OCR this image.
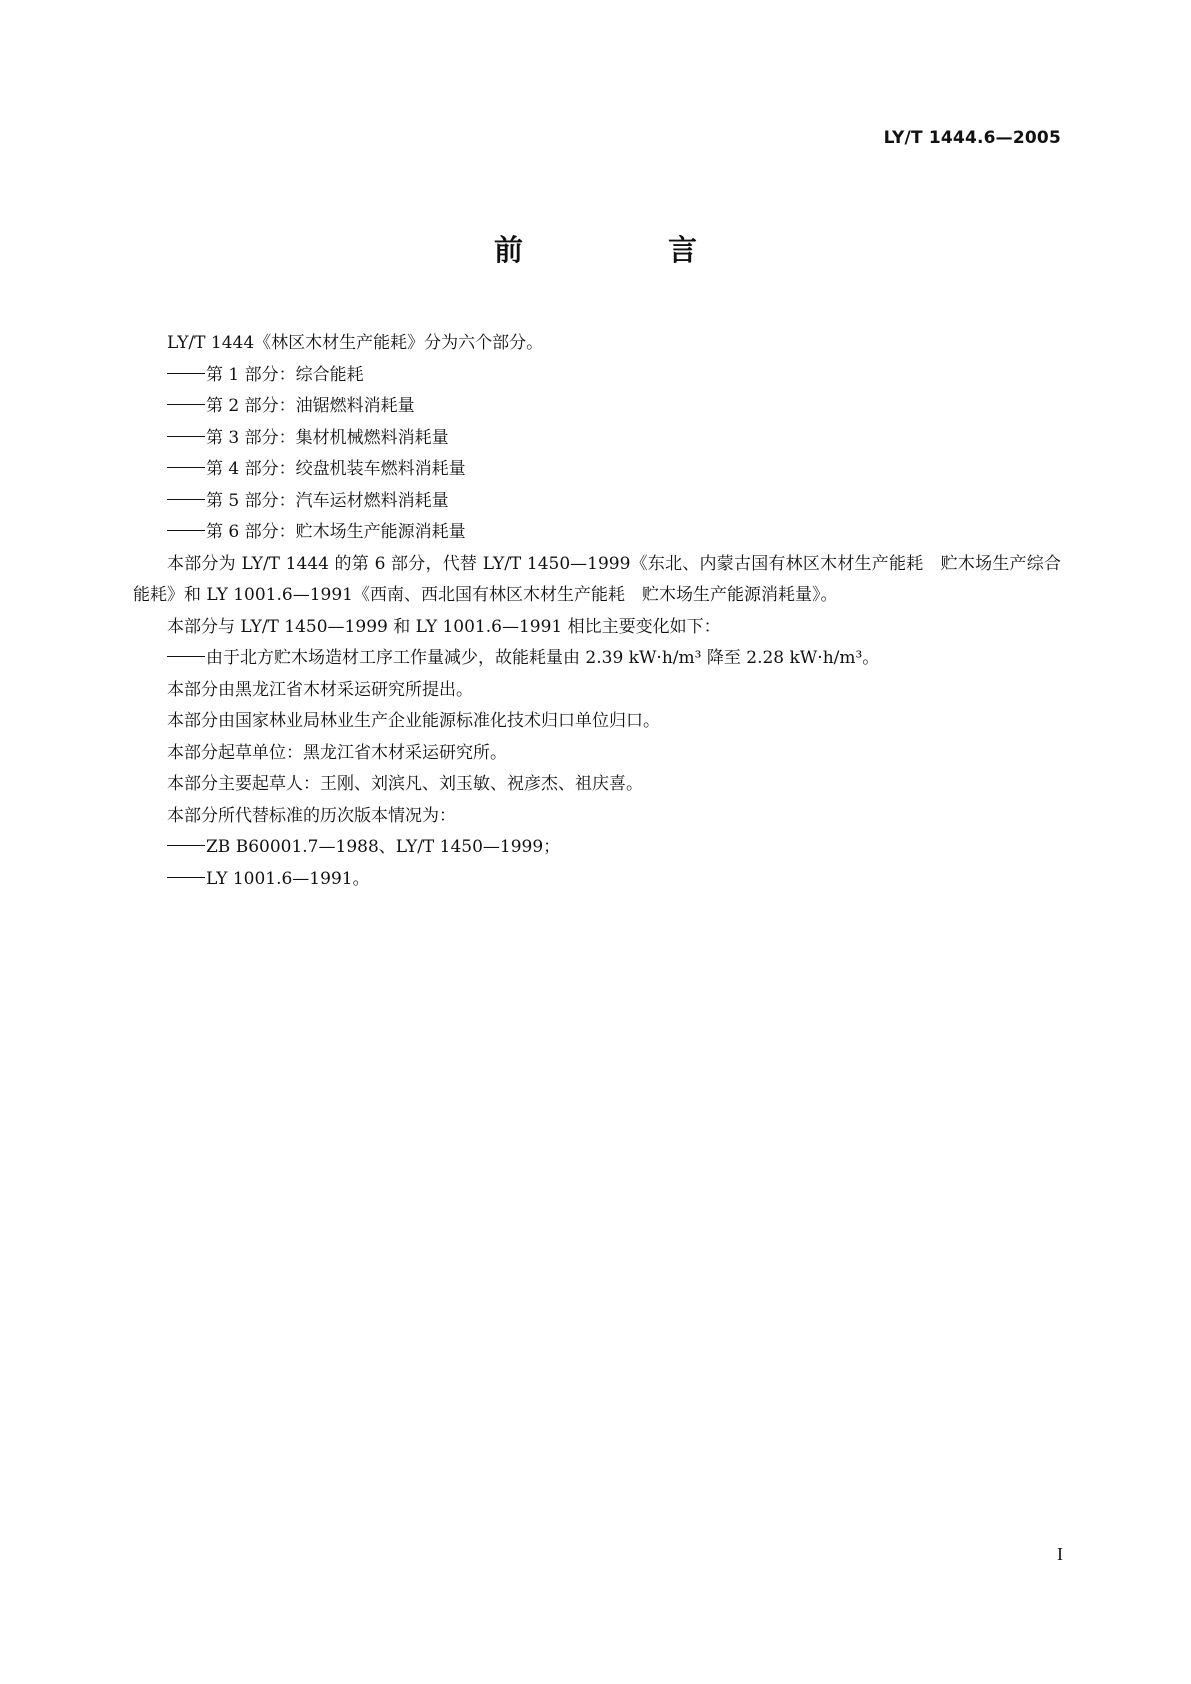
LY/T 1444.6—2005
前　言

LY/T 1444《林区木材生产能耗》分为六个部分。

第 1 部分：综合能耗

第 2 部分：油锯燃料消耗量

第 3 部分：集材机械燃料消耗量

第 4 部分：绞盘机装车燃料消耗量

第 5 部分：汽车运材燃料消耗量

第 6 部分：贮木场生产能源消耗量

本部分为 LY/T 1444 的第 6 部分，代替 LY/T 1450—1999《东北、内蒙古国有林区木材生产能耗　贮木场生产综合能耗》和 LY 1001.6—1991《西南、西北国有林区木材生产能耗　贮木场生产能源消耗量》。

本部分与 LY/T 1450—1999 和 LY 1001.6—1991 相比主要变化如下：

由于北方贮木场造材工序工作量减少，故能耗量由 2.39 kW·h/m³ 降至 2.28 kW·h/m³。

本部分由黑龙江省木材采运研究所提出。

本部分由国家林业局林业生产企业能源标准化技术归口单位归口。

本部分起草单位：黑龙江省木材采运研究所。

本部分主要起草人：王刚、刘滨凡、刘玉敏、祝彦杰、祖庆喜。

本部分所代替标准的历次版本情况为：

ZB B60001.7—1988、LY/T 1450—1999；

LY 1001.6—1991。

I
